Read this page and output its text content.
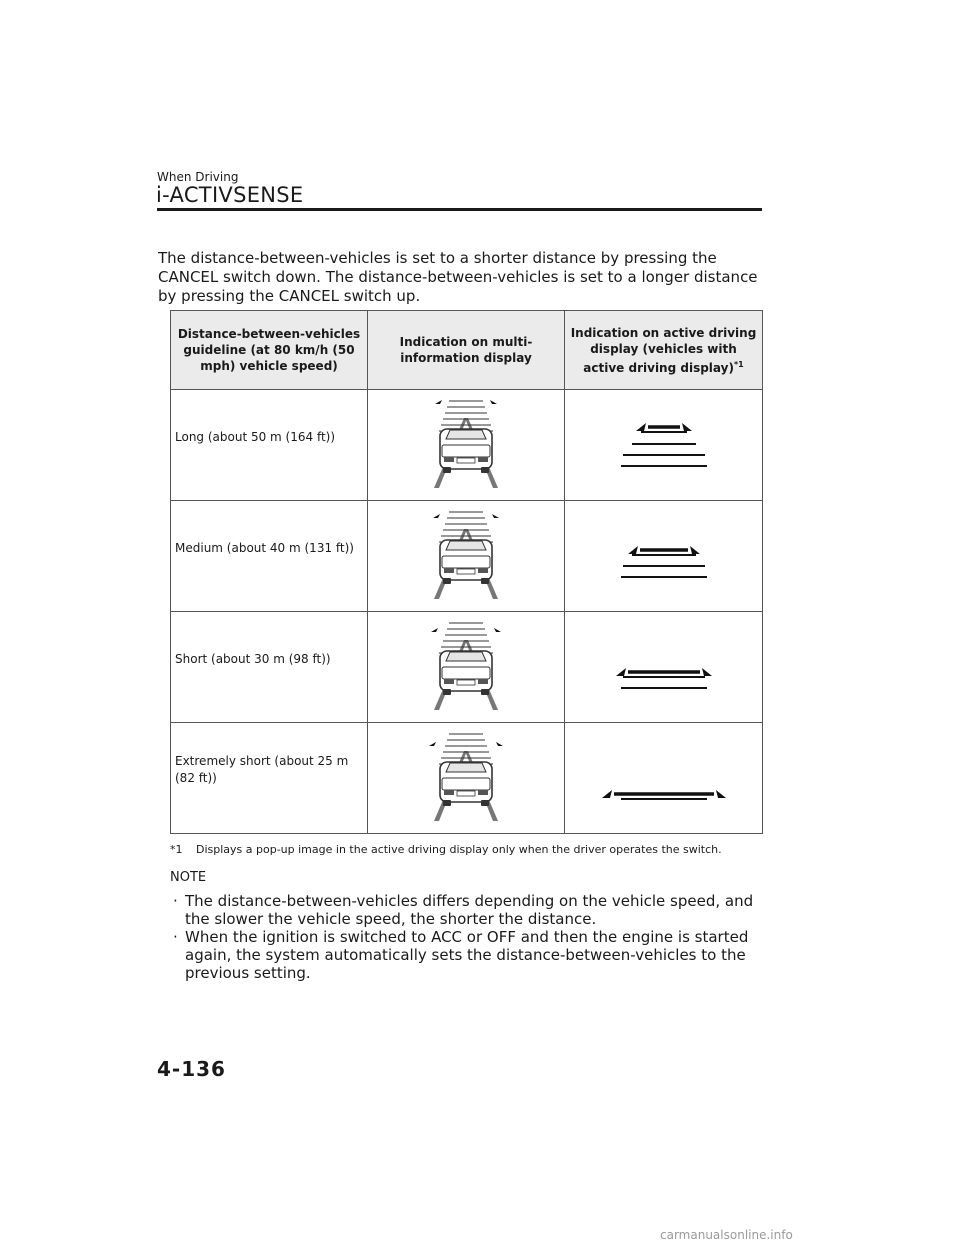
When Driving
i-ACTIVSENSE

The distance-between-vehicles is set to a shorter distance by pressing the CANCEL switch down. The distance-between-vehicles is set to a longer distance by pressing the CANCEL switch up.

Distance-between-vehicles guideline (at 80 km/h (50 mph) vehicle speed)	Indication on multi-information display	Indication on active driving display (vehicles with active driving display)$^{*1}$
Long (about 50 m (164 ft))	

Medium (about 40 m (131 ft))	

Short (about 30 m (98 ft))	

Extremely short (about 25 m (82 ft))	

*1 Displays a pop-up image in the active driving display only when the driver operates the switch.
NOTE
· The distance-between-vehicles differs depending on the vehicle speed, and the slower the vehicle speed, the shorter the distance.
· When the ignition is switched to ACC or OFF and then the engine is started again, the system automatically sets the distance-between-vehicles to the previous setting.
4-136
carmanualsonline.info
